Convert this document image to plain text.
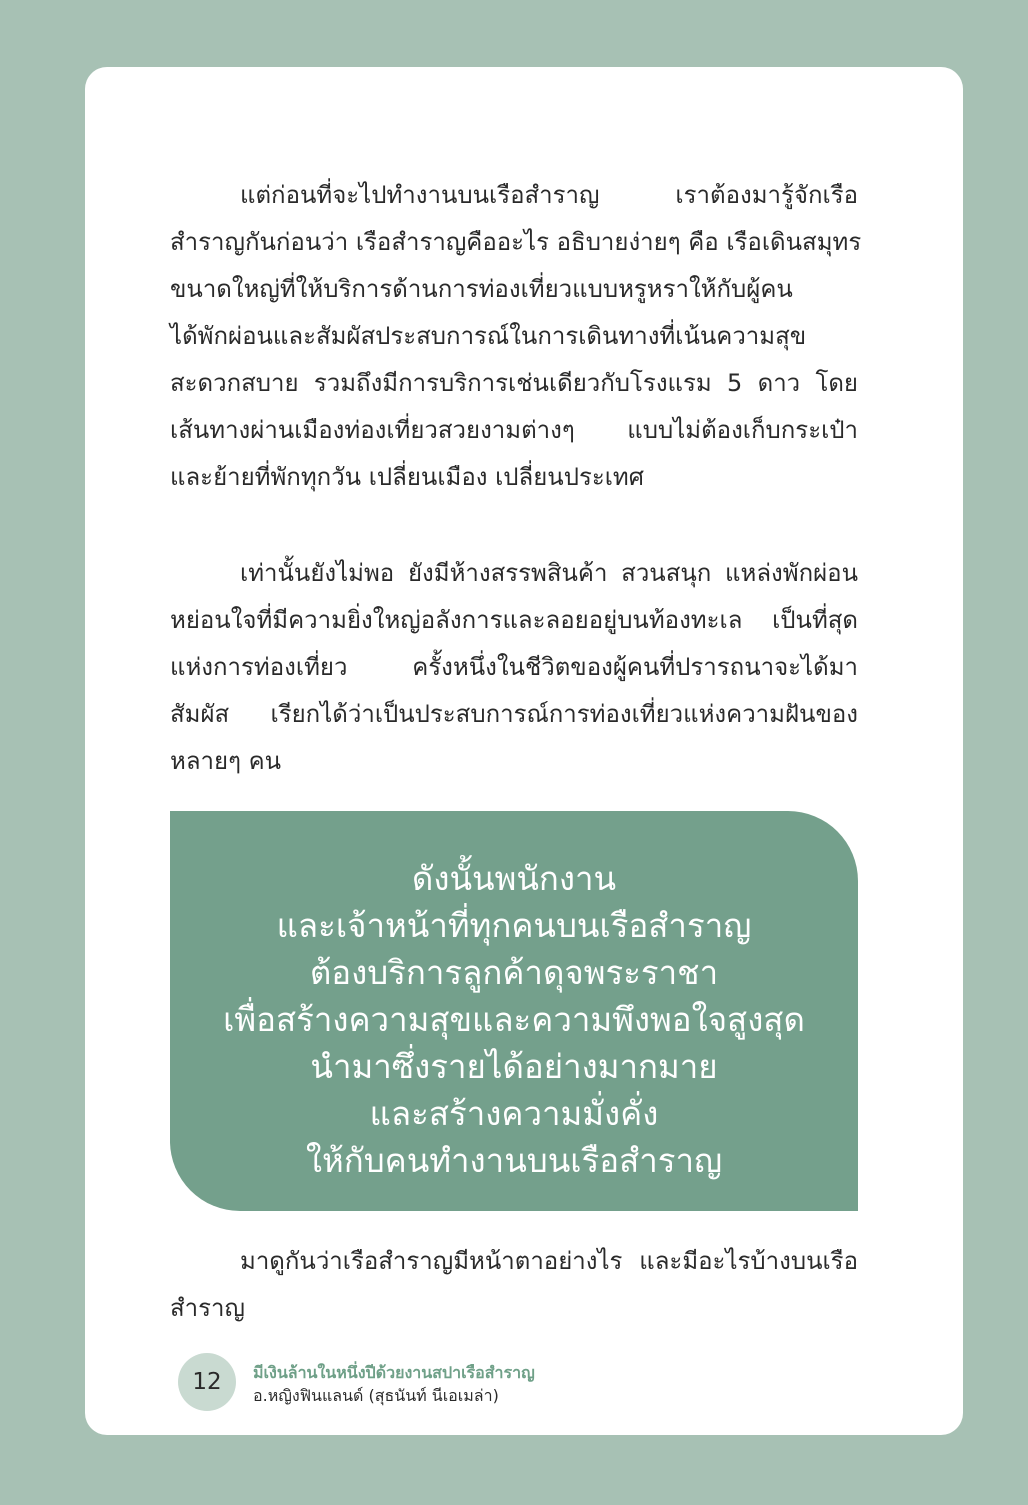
แต่ก่อนที่จะไปทำงานบนเรือสำราญ เราต้องมารู้จักเรือ
สำราญกันก่อนว่า เรือสำราญคืออะไร อธิบายง่ายๆ คือ เรือเดินสมุทร
ขนาดใหญ่ที่ให้บริการด้านการท่องเที่ยวแบบหรูหราให้กับผู้คน
ได้พักผ่อนและสัมผัสประสบการณ์ในการเดินทางที่เน้นความสุข
สะดวกสบาย รวมถึงมีการบริการเช่นเดียวกับโรงแรม 5 ดาว โดย
เส้นทางผ่านเมืองท่องเที่ยวสวยงามต่างๆ แบบไม่ต้องเก็บกระเป๋า
และย้ายที่พักทุกวัน เปลี่ยนเมือง เปลี่ยนประเทศ

เท่านั้นยังไม่พอ ยังมีห้างสรรพสินค้า สวนสนุก แหล่งพักผ่อน
หย่อนใจที่มีความยิ่งใหญ่อลังการและลอยอยู่บนท้องทะเล เป็นที่สุด
แห่งการท่องเที่ยว ครั้งหนึ่งในชีวิตของผู้คนที่ปรารถนาจะได้มา
สัมผัส เรียกได้ว่าเป็นประสบการณ์การท่องเที่ยวแห่งความฝันของ
หลายๆ คน

ดังนั้นพนักงาน
และเจ้าหน้าที่ทุกคนบนเรือสำราญ
ต้องบริการลูกค้าดุจพระราชา
เพื่อสร้างความสุขและความพึงพอใจสูงสุด
นำมาซึ่งรายได้อย่างมากมาย
และสร้างความมั่งคั่ง
ให้กับคนทำงานบนเรือสำราญ

มาดูกันว่าเรือสำราญมีหน้าตาอย่างไร และมีอะไรบ้างบนเรือ
สำราญ

12	มีเงินล้านในหนึ่งปีด้วยงานสปาเรือสำราญ
อ.หญิงฟินแลนด์ (สุธนันท์ นีเอเมล่า)
